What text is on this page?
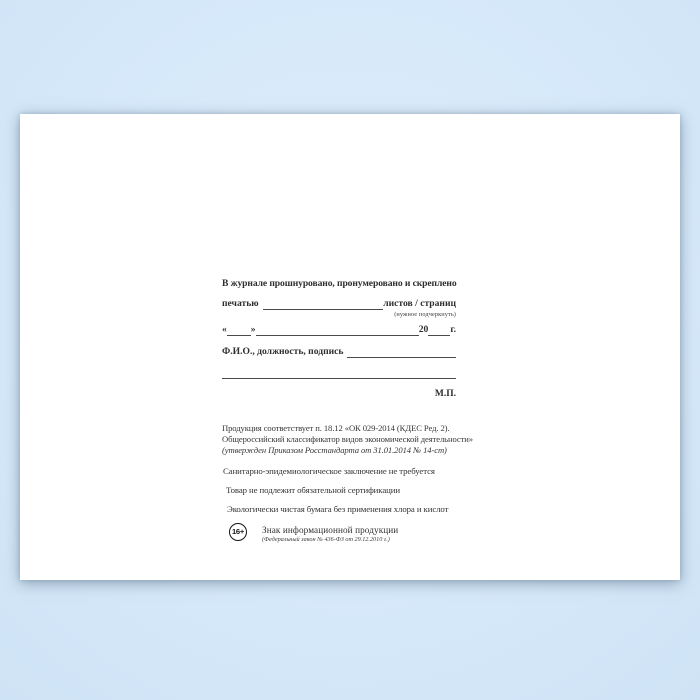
В журнале прошнуровано, пронумеровано и скреплено
печатью	листов / страниц
(нужное подчеркнуть)
«	»	20 г.
Ф.И.О., должность, подпись
М.П.
Продукция соответствует п. 18.12 «ОК 029-2014 (КДЕС Ред. 2).
Общероссийский классификатор видов экономической деятельности»
(утвержден Приказом Росстандарта от 31.01.2014 № 14-ст)
Санитарно-эпидемиологическое заключение не требуется
Товар не подлежит обязательной сертификации
Экологически чистая бумага без применения хлора и кислот
16+	Знак информационной продукции
(Федеральный закон № 436-ФЗ от 29.12.2010 г.)
